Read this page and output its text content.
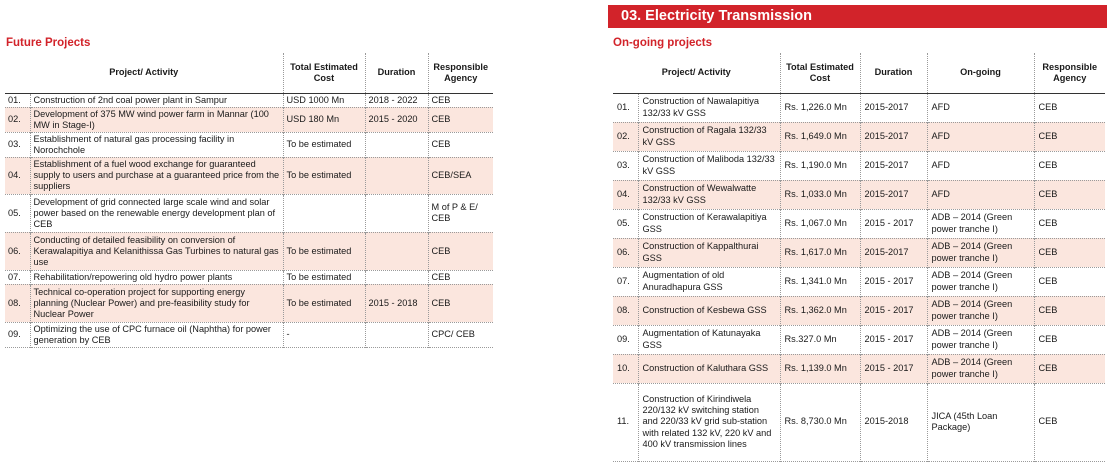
Future Projects
Project/ Activity		Total Estimated Cost	Duration	Responsible Agency
01.	Construction of 2nd coal power plant in Sampur	USD 1000 Mn	2018 - 2022	CEB
02.	Development of 375 MW wind power farm in Mannar (100 MW in Stage-I)	USD 180 Mn	2015 - 2020	CEB
03.	Establishment of natural gas processing facility in Norochchole	To be estimated		CEB
04.	Establishment of a fuel wood exchange for guaranteed supply to users and purchase at a guaranteed price from the suppliers	To be estimated		CEB/SEA
05.	Development of grid connected large scale wind and solar power based on the renewable energy development plan of CEB			M of P & E/ CEB
06.	Conducting of detailed feasibility on conversion of Kerawalapitiya and Kelanithissa Gas Turbines to natural gas use	To be estimated		CEB
07.	Rehabilitation/repowering old hydro power plants	To be estimated		CEB
08.	Technical co-operation project for supporting energy planning (Nuclear Power) and pre-feasibility study for Nuclear Power	To be estimated	2015 - 2018	CEB
09.	Optimizing the use of CPC furnace oil (Naphtha) for power generation by CEB	-		CPC/ CEB
03. Electricity Transmission
On-going projects
Project/ Activity		Total Estimated Cost	Duration	On-going	Responsible Agency
01.	Construction of Nawalapitiya 132/33 kV GSS	Rs. 1,226.0 Mn	2015-2017	AFD	CEB
02.	Construction of Ragala 132/33 kV GSS	Rs. 1,649.0 Mn	2015-2017	AFD	CEB
03.	Construction of Maliboda 132/33 kV GSS	Rs. 1,190.0 Mn	2015-2017	AFD	CEB
04.	Construction of Wewalwatte 132/33 kV GSS	Rs. 1,033.0 Mn	2015-2017	AFD	CEB
05.	Construction of Kerawalapitiya GSS	Rs. 1,067.0 Mn	2015 - 2017	ADB – 2014 (Green power tranche I)	CEB
06.	Construction of Kappalthurai GSS	Rs. 1,617.0 Mn	2015-2017	ADB – 2014 (Green power tranche I)	CEB
07.	Augmentation of old Anuradhapura GSS	Rs. 1,341.0 Mn	2015 - 2017	ADB – 2014 (Green power tranche I)	CEB
08.	Construction of Kesbewa GSS	Rs. 1,362.0 Mn	2015 - 2017	ADB – 2014 (Green power tranche I)	CEB
09.	Augmentation of Katunayaka GSS	Rs.327.0 Mn	2015 - 2017	ADB – 2014 (Green power tranche I)	CEB
10.	Construction of Kaluthara GSS	Rs. 1,139.0 Mn	2015 - 2017	ADB – 2014 (Green power tranche I)	CEB
11.	Construction of Kirindiwela 220/132 kV switching station and 220/33 kV grid sub-station with related 132 kV, 220 kV and 400 kV transmission lines	Rs. 8,730.0 Mn	2015-2018	JICA (45th Loan Package)	CEB
